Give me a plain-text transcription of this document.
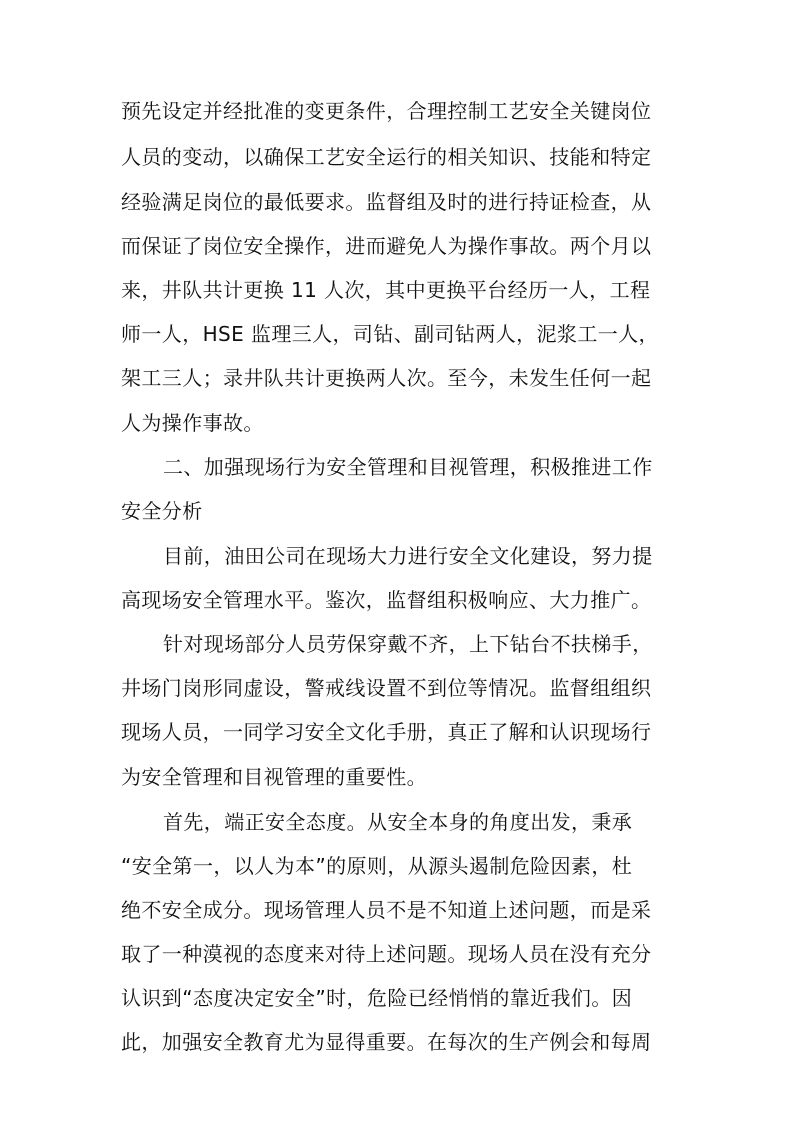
预先设定并经批准的变更条件，合理控制工艺安全关键岗位
人员的变动，以确保工艺安全运行的相关知识、技能和特定
经验满足岗位的最低要求。监督组及时的进行持证检查，从
而保证了岗位安全操作，进而避免人为操作事故。两个月以
来，井队共计更换 11 人次，其中更换平台经历一人，工程
师一人，HSE 监理三人，司钻、副司钻两人，泥浆工一人，
架工三人；录井队共计更换两人次。至今，未发生任何一起
人为操作事故。
二、加强现场行为安全管理和目视管理，积极推进工作
安全分析
目前，油田公司在现场大力进行安全文化建设，努力提
高现场安全管理水平。鉴次，监督组积极响应、大力推广。
针对现场部分人员劳保穿戴不齐，上下钻台不扶梯手，
井场门岗形同虚设，警戒线设置不到位等情况。监督组组织
现场人员，一同学习安全文化手册，真正了解和认识现场行
为安全管理和目视管理的重要性。
首先，端正安全态度。从安全本身的角度出发，秉承
“安全第一，以人为本”的原则，从源头遏制危险因素，杜
绝不安全成分。现场管理人员不是不知道上述问题，而是采
取了一种漠视的态度来对待上述问题。现场人员在没有充分
认识到“态度决定安全”时，危险已经悄悄的靠近我们。因
此，加强安全教育尤为显得重要。在每次的生产例会和每周
